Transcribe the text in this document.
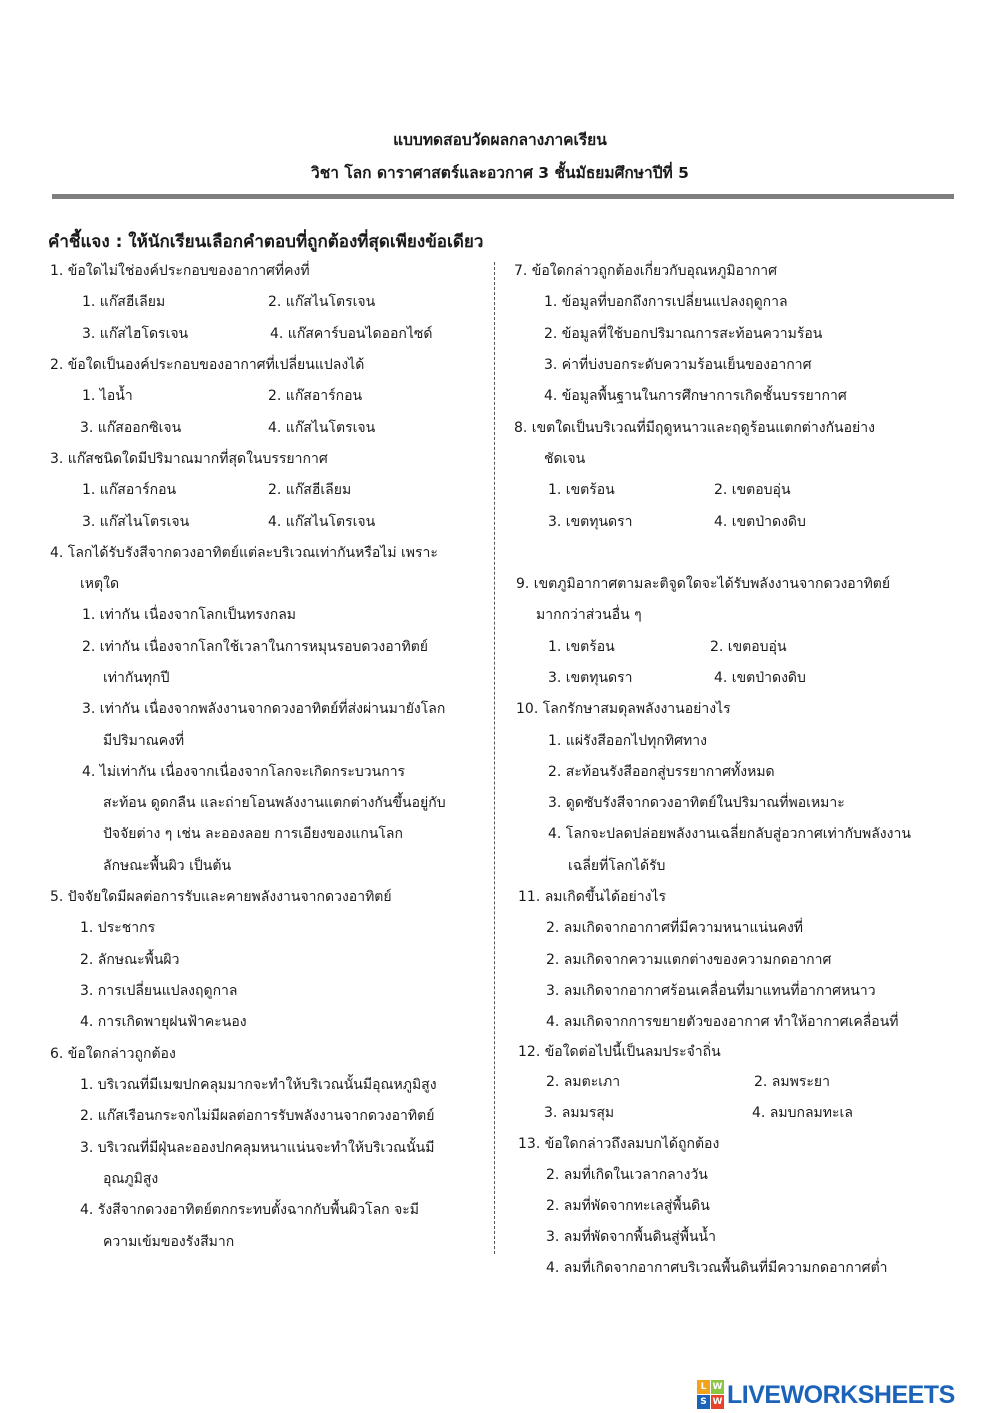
แบบทดสอบวัดผลกลางภาคเรียน
วิชา โลก ดาราศาสตร์และอวกาศ 3 ชั้นมัธยมศึกษาปีที่ 5
คำชี้แจง : ให้นักเรียนเลือกคำตอบที่ถูกต้องที่สุดเพียงข้อเดียว
1. ข้อใดไม่ใช่องค์ประกอบของอากาศที่คงที่
1. แก๊สฮีเลียม	2. แก๊สไนโตรเจน
3. แก๊สไฮโดรเจน	4. แก๊สคาร์บอนไดออกไซด์
2. ข้อใดเป็นองค์ประกอบของอากาศที่เปลี่ยนแปลงได้
1. ไอน้ำ	2. แก๊สอาร์กอน
3. แก๊สออกซิเจน	4. แก๊สไนโตรเจน
3. แก๊สชนิดใดมีปริมาณมากที่สุดในบรรยากาศ
1. แก๊สอาร์กอน	2. แก๊สฮีเลียม
3. แก๊สไนโตรเจน	4. แก๊สไนโตรเจน
4. โลกได้รับรังสีจากดวงอาทิตย์แต่ละบริเวณเท่ากันหรือไม่ เพราะ
เหตุใด
1. เท่ากัน เนื่องจากโลกเป็นทรงกลม
2. เท่ากัน เนื่องจากโลกใช้เวลาในการหมุนรอบดวงอาทิตย์
เท่ากันทุกปี
3. เท่ากัน เนื่องจากพลังงานจากดวงอาทิตย์ที่ส่งผ่านมายังโลก
มีปริมาณคงที่
4. ไม่เท่ากัน เนื่องจากเนื่องจากโลกจะเกิดกระบวนการ
สะท้อน ดูดกลืน และถ่ายโอนพลังงานแตกต่างกันขึ้นอยู่กับ
ปัจจัยต่าง ๆ เช่น ละอองลอย การเอียงของแกนโลก
ลักษณะพื้นผิว เป็นต้น
5. ปัจจัยใดมีผลต่อการรับและคายพลังงานจากดวงอาทิตย์
1. ประชากร
2. ลักษณะพื้นผิว
3. การเปลี่ยนแปลงฤดูกาล
4. การเกิดพายุฝนฟ้าคะนอง
6. ข้อใดกล่าวถูกต้อง
1. บริเวณที่มีเมฆปกคลุมมากจะทำให้บริเวณนั้นมีอุณหภูมิสูง
2. แก๊สเรือนกระจกไม่มีผลต่อการรับพลังงานจากดวงอาทิตย์
3. บริเวณที่มีฝุ่นละอองปกคลุมหนาแน่นจะทำให้บริเวณนั้นมี
อุณภูมิสูง
4. รังสีจากดวงอาทิตย์ตกกระทบตั้งฉากกับพื้นผิวโลก จะมี
ความเข้มของรังสีมาก
7. ข้อใดกล่าวถูกต้องเกี่ยวกับอุณหภูมิอากาศ
1. ข้อมูลที่บอกถึงการเปลี่ยนแปลงฤดูกาล
2. ข้อมูลที่ใช้บอกปริมาณการสะท้อนความร้อน
3. ค่าที่บ่งบอกระดับความร้อนเย็นของอากาศ
4. ข้อมูลพื้นฐานในการศึกษาการเกิดชั้นบรรยากาศ
8. เขตใดเป็นบริเวณที่มีฤดูหนาวและฤดูร้อนแตกต่างกันอย่าง
ชัดเจน
1. เขตร้อน	2. เขตอบอุ่น
3. เขตทุนดรา	4. เขตป่าดงดิบ
9. เขตภูมิอากาศตามละติจูดใดจะได้รับพลังงานจากดวงอาทิตย์
มากกว่าส่วนอื่น ๆ
1. เขตร้อน	2. เขตอบอุ่น
3. เขตทุนดรา	4. เขตป่าดงดิบ
10. โลกรักษาสมดุลพลังงานอย่างไร
1. แผ่รังสีออกไปทุกทิศทาง
2. สะท้อนรังสีออกสู่บรรยากาศทั้งหมด
3. ดูดซับรังสีจากดวงอาทิตย์ในปริมาณที่พอเหมาะ
4. โลกจะปลดปล่อยพลังงานเฉลี่ยกลับสู่อวกาศเท่ากับพลังงาน
เฉลี่ยที่โลกได้รับ
11. ลมเกิดขึ้นได้อย่างไร
2. ลมเกิดจากอากาศที่มีความหนาแน่นคงที่
2. ลมเกิดจากความแตกต่างของความกดอากาศ
3. ลมเกิดจากอากาศร้อนเคลื่อนที่มาแทนที่อากาศหนาว
4. ลมเกิดจากการขยายตัวของอากาศ ทำให้อากาศเคลื่อนที่
12. ข้อใดต่อไปนี้เป็นลมประจำถิ่น
2. ลมตะเภา	2. ลมพระยา
3. ลมมรสุม	4. ลมบกลมทะเล
13. ข้อใดกล่าวถึงลมบกได้ถูกต้อง
2. ลมที่เกิดในเวลากลางวัน
2. ลมที่พัดจากทะเลสู่พื้นดิน
3. ลมที่พัดจากพื้นดินสู่พื้นน้ำ
4. ลมที่เกิดจากอากาศบริเวณพื้นดินที่มีความกดอากาศต่ำ
L W
S W LIVEWORKSHEETS
